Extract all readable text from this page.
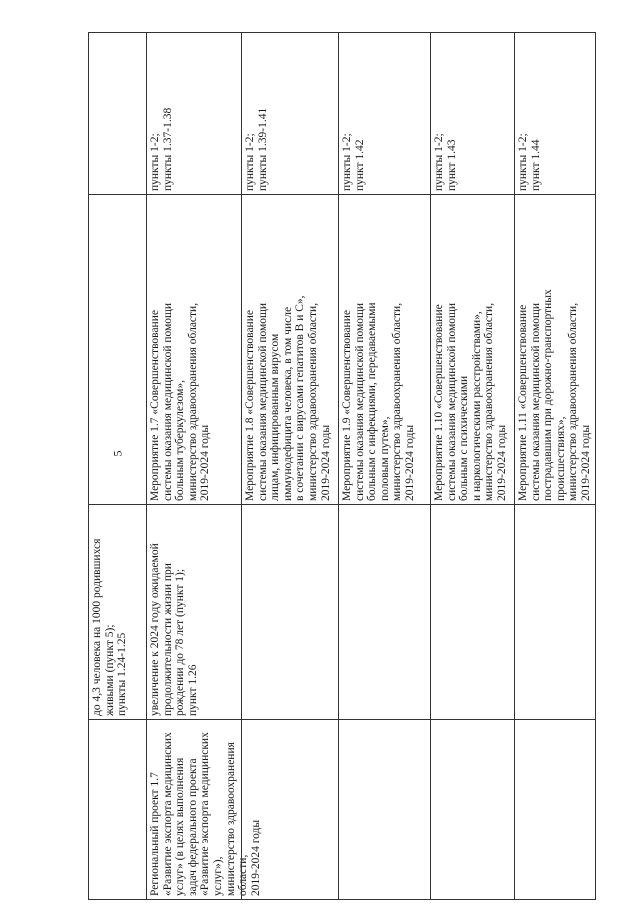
5
до 4,3 человека на 1000 родившихся
живыми (пункт 5);
пункты 1.24-1.25
Региональный проект 1.7
«Развитие экспорта медицинских
услуг» (в целях выполнения
задач федерального проекта
«Развитие экспорта медицинских
услуг»),
министерство здравоохранения
области,
2019-2024 годы
увеличение к 2024 году ожидаемой
продолжительности жизни при
рождении до 78 лет (пункт 1);
пункт 1.26
Мероприятие 1.7 «Совершенствование
системы оказания медицинской помощи
больным туберкулезом»,
министерство здравоохранения области,
2019-2024 годы
пункты 1-2;
пункты 1.37-1.38
Мероприятие 1.8 «Совершенствование
системы оказания медицинской помощи
лицам, инфицированным вирусом
иммунодефицита человека, в том числе
в сочетании с вирусами гепатитов B и C»,
министерство здравоохранения области,
2019-2024 годы
пункты 1-2;
пункты 1.39-1.41
Мероприятие 1.9 «Совершенствование
системы оказания медицинской помощи
больным с инфекциями, передаваемыми
половым путем»,
министерство здравоохранения области,
2019-2024 годы
пункты 1-2;
пункт 1.42
Мероприятие 1.10 «Совершенствование
системы оказания медицинской помощи
больным с психическими
и наркологическими расстройствами»,
министерство здравоохранения области,
2019-2024 годы
пункты 1-2;
пункт 1.43
Мероприятие 1.11 «Совершенствование
системы оказания медицинской помощи
пострадавшим при дорожно-транспортных
происшествиях»,
министерство здравоохранения области,
2019-2024 годы
пункты 1-2;
пункт 1.44
